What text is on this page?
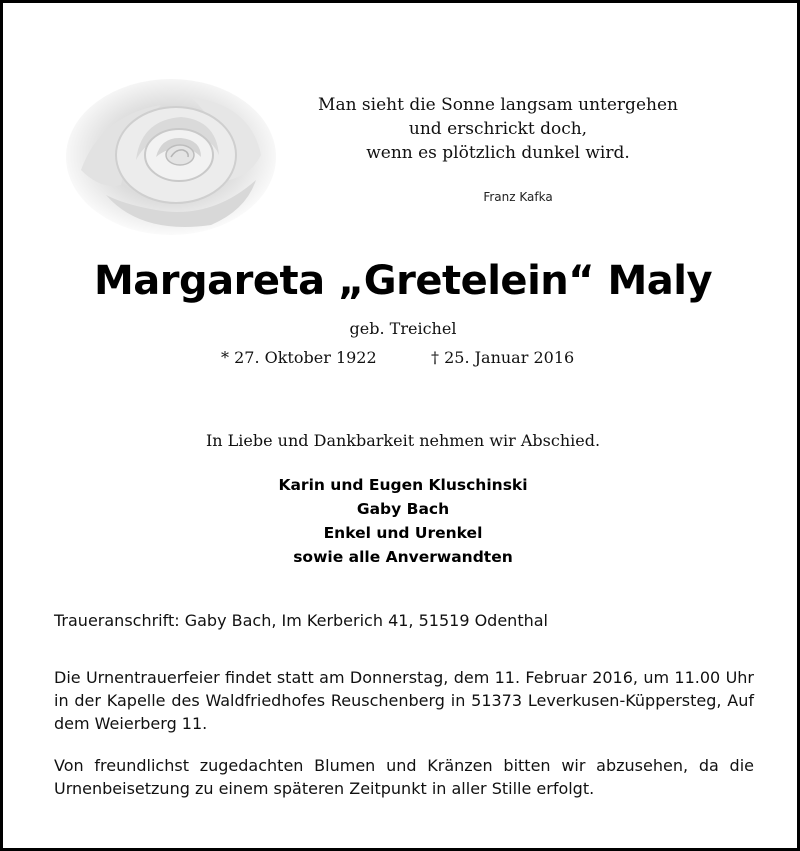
Man sieht die Sonne langsam untergehen
und erschrickt doch,
wenn es plötzlich dunkel wird.
Franz Kafka
Margareta „Gretelein“ Maly
geb. Treichel
* 27. Oktober 1922	† 25. Januar 2016
In Liebe und Dankbarkeit nehmen wir Abschied.
Karin und Eugen Kluschinski
Gaby Bach
Enkel und Urenkel
sowie alle Anverwandten
Traueranschrift: Gaby Bach, Im Kerberich 41, 51519 Odenthal
Die Urnentrauerfeier findet statt am Donnerstag, dem 11. Februar 2016, um 11.00 Uhr in der Kapelle des Waldfriedhofes Reuschenberg in 51373 Leverkusen-Küppersteg, Auf dem Weierberg 11.
Von freundlichst zugedachten Blumen und Kränzen bitten wir abzusehen, da die Urnenbeisetzung zu einem späteren Zeitpunkt in aller Stille erfolgt.
